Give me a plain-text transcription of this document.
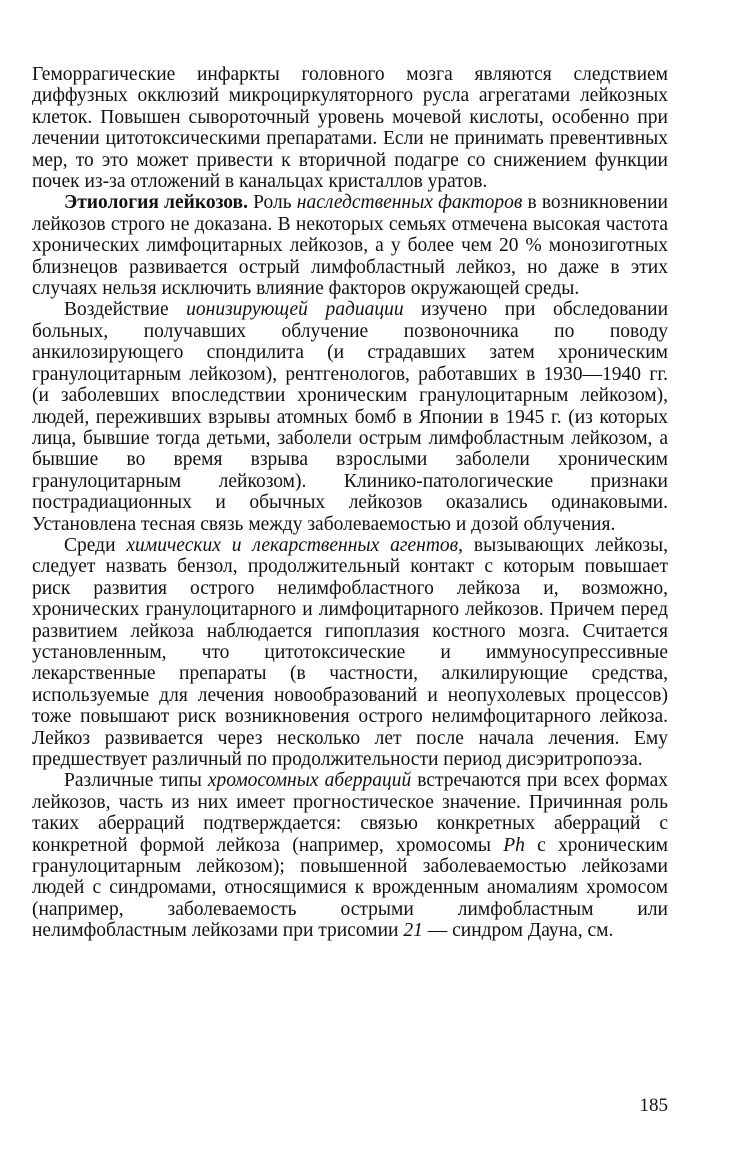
Геморрагические инфаркты головного мозга являются следствием диффузных окклюзий микроциркуляторного русла агрегатами лейкозных клеток. Повышен сывороточный уровень мочевой кислоты, особенно при лечении цитотоксическими препаратами. Если не принимать превентивных мер, то это может привести к вторичной подагре со снижением функции почек из-за отложений в канальцах кристаллов уратов.

Этиология лейкозов. Роль наследственных факторов в возникновении лейкозов строго не доказана. В некоторых семьях отмечена высокая частота хронических лимфоцитарных лейкозов, а у более чем 20 % монозиготных близнецов развивается острый лимфобластный лейкоз, но даже в этих случаях нельзя исключить влияние факторов окружающей среды.

Воздействие ионизирующей радиации изучено при обследовании больных, получавших облучение позвоночника по поводу анкилозирующего спондилита (и страдавших затем хроническим гранулоцитарным лейкозом), рентгенологов, работавших в 1930—1940 гг. (и заболевших впоследствии хроническим гранулоцитарным лейкозом), людей, переживших взрывы атомных бомб в Японии в 1945 г. (из которых лица, бывшие тогда детьми, заболели острым лимфобластным лейкозом, а бывшие во время взрыва взрослыми заболели хроническим гранулоцитарным лейкозом). Клинико-патологические признаки пострадиационных и обычных лейкозов оказались одинаковыми. Установлена тесная связь между заболеваемостью и дозой облучения.

Среди химических и лекарственных агентов, вызывающих лейкозы, следует назвать бензол, продолжительный контакт с которым повышает риск развития острого нелимфобластного лейкоза и, возможно, хронических гранулоцитарного и лимфоцитарного лейкозов. Причем перед развитием лейкоза наблюдается гипоплазия костного мозга. Считается установленным, что цитотоксические и иммуносупрессивные лекарственные препараты (в частности, алкилирующие средства, используемые для лечения новообразований и неопухолевых процессов) тоже повышают риск возникновения острого нелимфоцитарного лейкоза. Лейкоз развивается через несколько лет после начала лечения. Ему предшествует различный по продолжительности период дисэритропоэза.

Различные типы хромосомных аберраций встречаются при всех формах лейкозов, часть из них имеет прогностическое значение. Причинная роль таких аберраций подтверждается: связью конкретных аберраций с конкретной формой лейкоза (например, хромосомы Ph с хроническим гранулоцитарным лейкозом); повышенной заболеваемостью лейкозами людей с синдромами, относящимися к врожденным аномалиям хромосом (например, заболеваемость острыми лимфобластным или нелимфобластным лейкозами при трисомии 21 — синдром Дауна, см.

185
